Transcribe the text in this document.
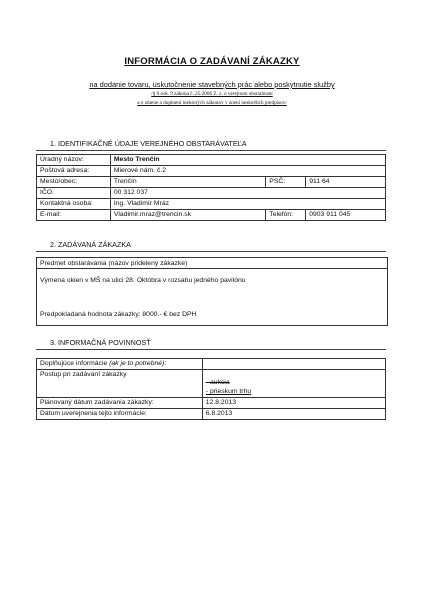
INFORMÁCIA O ZADÁVANÍ ZÁKAZKY
na dodanie tovaru, uskutočnenie stavebných prác alebo poskytnutie služby
/§ 9 ods. 9 zákona č. 25/2006 Z. z. o verejnom obstarávaní
a o zmene a doplnení niektorých zákonov v znení neskorších predpisov/
1. IDENTIFIKAČNÉ ÚDAJE VEREJNÉHO OBSTARÁVATEĽA
Úradný názov:	Mesto Trenčín		
Poštová adresa:	Mierové nám. č.2		
Mesto/obec:	Trenčín	PSČ:	911 64
IČO:	00 312 037		
Kontaktná osoba:	Ing. Vladimír Mráz		
E-mail:	Vladimir.mraz@trencin.sk	Telefón:	0903 911 045
2. ZADÁVANÁ ZÁKAZKA
Predmet obstarávania (názov pridelený zákazke)
Výmena okien v MŠ na ulici 28. Októbra v rozsahu jedného pavilónu
Predpokladaná hodnota zákazky: 8000.- € bez DPH
3. INFORMAČNÁ POVINNOSŤ
Doplňujúce informácie (ak je to potrebné):	
Postup pri zadávaní zákazky	- aukcia
- prieskum trhu

Plánovaný dátum zadávania zákazky:	12.8.2013
Dátum uverejnenia tejto informácie:	6.8.2013
